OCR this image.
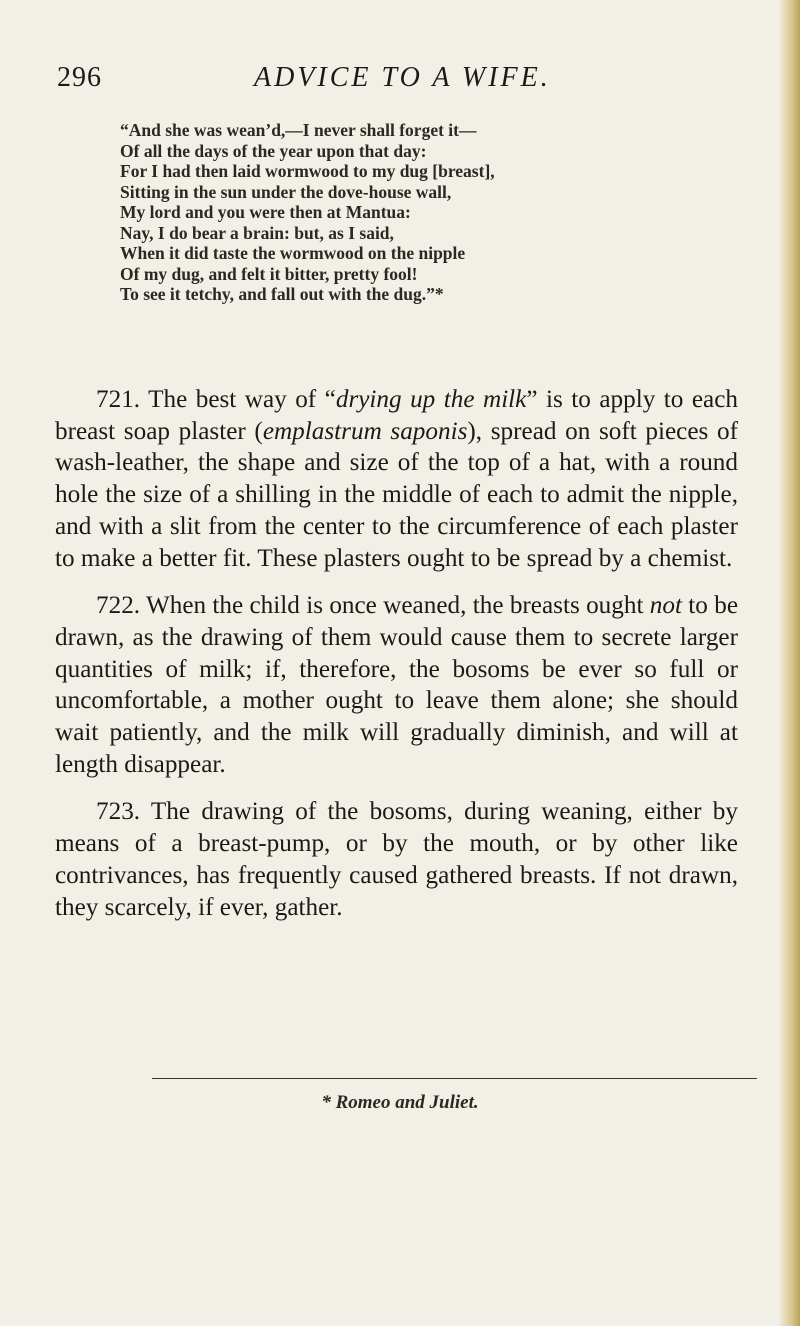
296	ADVICE TO A WIFE.
“And she was wean’d,—I never shall forget it—
Of all the days of the year upon that day:
For I had then laid wormwood to my dug [breast],
Sitting in the sun under the dove-house wall,
My lord and you were then at Mantua:
Nay, I do bear a brain: but, as I said,
When it did taste the wormwood on the nipple
Of my dug, and felt it bitter, pretty fool!
To see it tetchy, and fall out with the dug.”*

721. The best way of “drying up the milk” is to apply to each breast soap plaster (emplastrum saponis), spread on soft pieces of wash-leather, the shape and size of the top of a hat, with a round hole the size of a shilling in the middle of each to admit the nipple, and with a slit from the center to the circumference of each plaster to make a better fit. These plasters ought to be spread by a chemist.

722. When the child is once weaned, the breasts ought not to be drawn, as the drawing of them would cause them to secrete larger quantities of milk; if, therefore, the bosoms be ever so full or uncomfortable, a mother ought to leave them alone; she should wait patiently, and the milk will gradually diminish, and will at length disappear.

723. The drawing of the bosoms, during weaning, either by means of a breast-pump, or by the mouth, or by other like contrivances, has frequently caused gathered breasts. If not drawn, they scarcely, if ever, gather.

* Romeo and Juliet.
